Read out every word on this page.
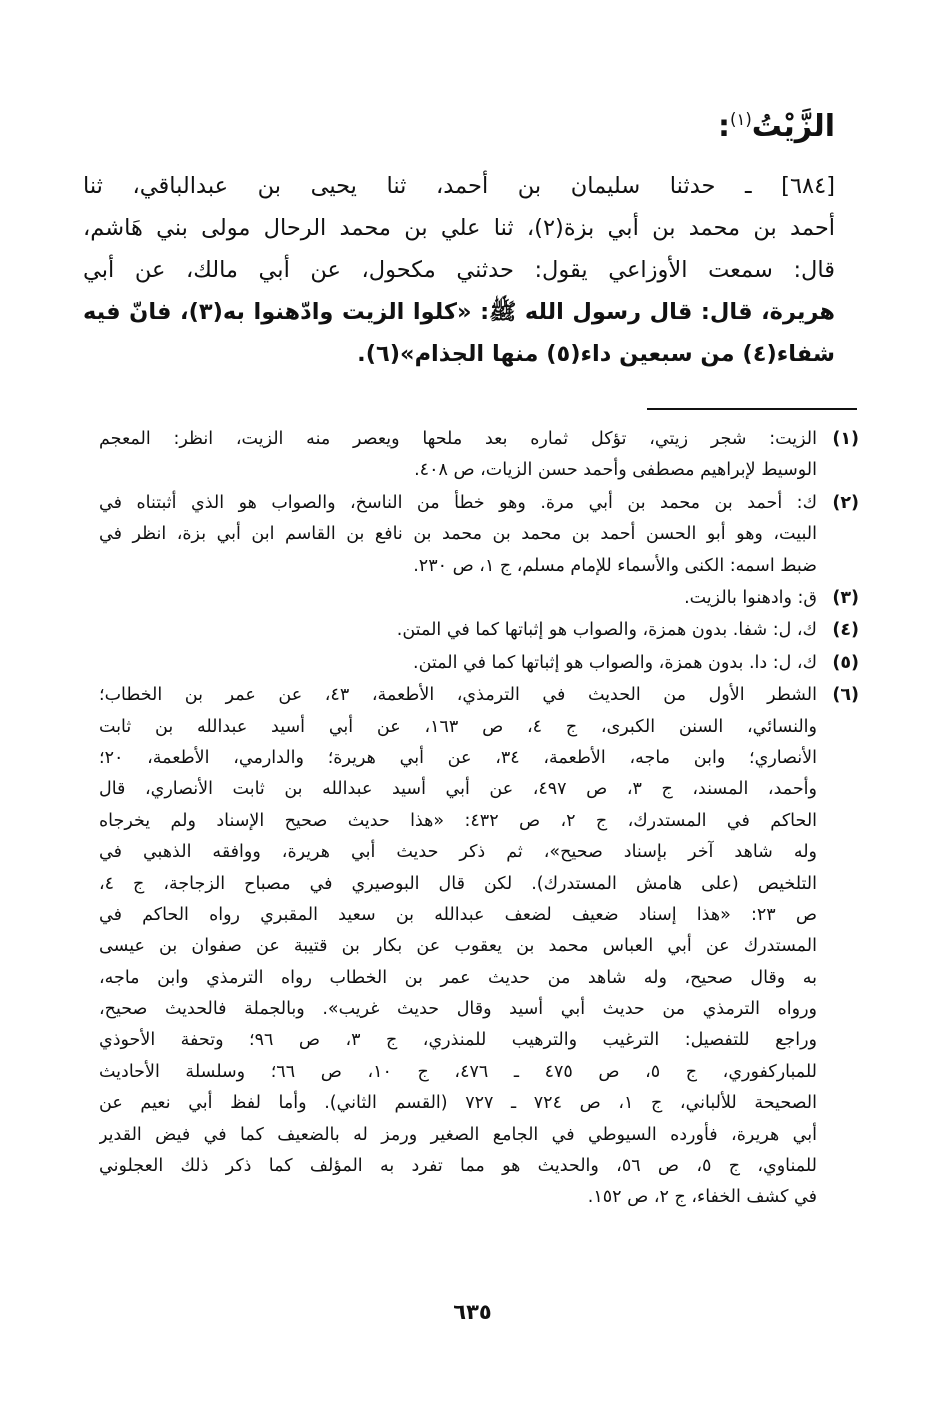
الزَّيْتُ$^{(١)}$:
[٦٨٤] ـ حدثنا سليمان بن أحمد، ثنا يحيى بن عبدالباقي، ثنا
أحمد بن محمد بن أبي بزة(٢)، ثنا علي بن محمد الرحال مولى بني هَاشم،
قال: سمعت الأوزاعي يقول: حدثني مكحول، عن أبي مالك، عن أبي
هريرة، قال: قال رسول الله ﷺ: «كلوا الزيت وادّهنوا به(٣)، فانّ فيه
شفاء(٤) من سبعين داء(٥) منها الجذام»(٦).
(١)
الزيت: شجر زيتي، تؤكل ثماره بعد ملحها ويعصر منه الزيت، انظر: المعجم
الوسيط لإبراهيم مصطفى وأحمد حسن الزيات، ص ٤٠٨.
(٢)
ك: أحمد بن محمد بن أبي مرة. وهو خطأ من الناسخ، والصواب هو الذي أثبتناه في
البيت، وهو أبو الحسن أحمد بن محمد بن محمد بن نافع بن القاسم ابن أبي بزة، انظر في
ضبط اسمه: الكنى والأسماء للإمام مسلم، ج ١، ص ٢٣٠.
(٣)
ق: وادهنوا بالزيت.
(٤)
ك، ل: شفا. بدون همزة، والصواب هو إثباتها كما في المتن.
(٥)
ك، ل: دا. بدون همزة، والصواب هو إثباتها كما في المتن.
(٦)
الشطر الأول من الحديث في الترمذي، الأطعمة، ٤٣، عن عمر بن الخطاب؛
والنسائي، السنن الكبرى، ج ٤، ص ١٦٣، عن أبي أسيد عبدالله بن ثابت
الأنصاري؛ وابن ماجه، الأطعمة، ٣٤، عن أبي هريرة؛ والدارمي، الأطعمة، ٢٠؛
وأحمد، المسند، ج ٣، ص ٤٩٧، عن أبي أسيد عبدالله بن ثابت الأنصاري، قال
الحاكم في المستدرك، ج ٢، ص ٤٣٢: «هذا حديث صحيح الإسناد ولم يخرجاه
وله شاهد آخر بإسناد صحيح»، ثم ذكر حديث أبي هريرة، ووافقه الذهبي في
التلخيص (على هامش المستدرك). لكن قال البوصيري في مصباح الزجاجة، ج ٤،
ص ٢٣: «هذا إسناد ضعيف لضعف عبدالله بن سعيد المقبري رواه الحاكم في
المستدرك عن أبي العباس محمد بن يعقوب عن بكار بن قتيبة عن صفوان بن عيسى
به وقال صحيح، وله شاهد من حديث عمر بن الخطاب رواه الترمذي وابن ماجه،
ورواه الترمذي من حديث أبي أسيد وقال حديث غريب». وبالجملة فالحديث صحيح،
وراجع للتفصيل: الترغيب والترهيب للمنذري، ج ٣، ص ٩٦؛ وتحفة الأحوذي
للمباركفوري، ج ٥، ص ٤٧٥ ـ ٤٧٦، ج ١٠، ص ٦٦؛ وسلسلة الأحاديث
الصحيحة للألباني، ج ١، ص ٧٢٤ ـ ٧٢٧ (القسم الثاني). وأما لفظ أبي نعيم عن
أبي هريرة، فأورده السيوطي في الجامع الصغير ورمز له بالضعيف كما في فيض القدير
للمناوي، ج ٥، ص ٥٦، والحديث هو مما تفرد به المؤلف كما ذكر ذلك العجلوني
في كشف الخفاء، ج ٢، ص ١٥٢.
٦٣٥
